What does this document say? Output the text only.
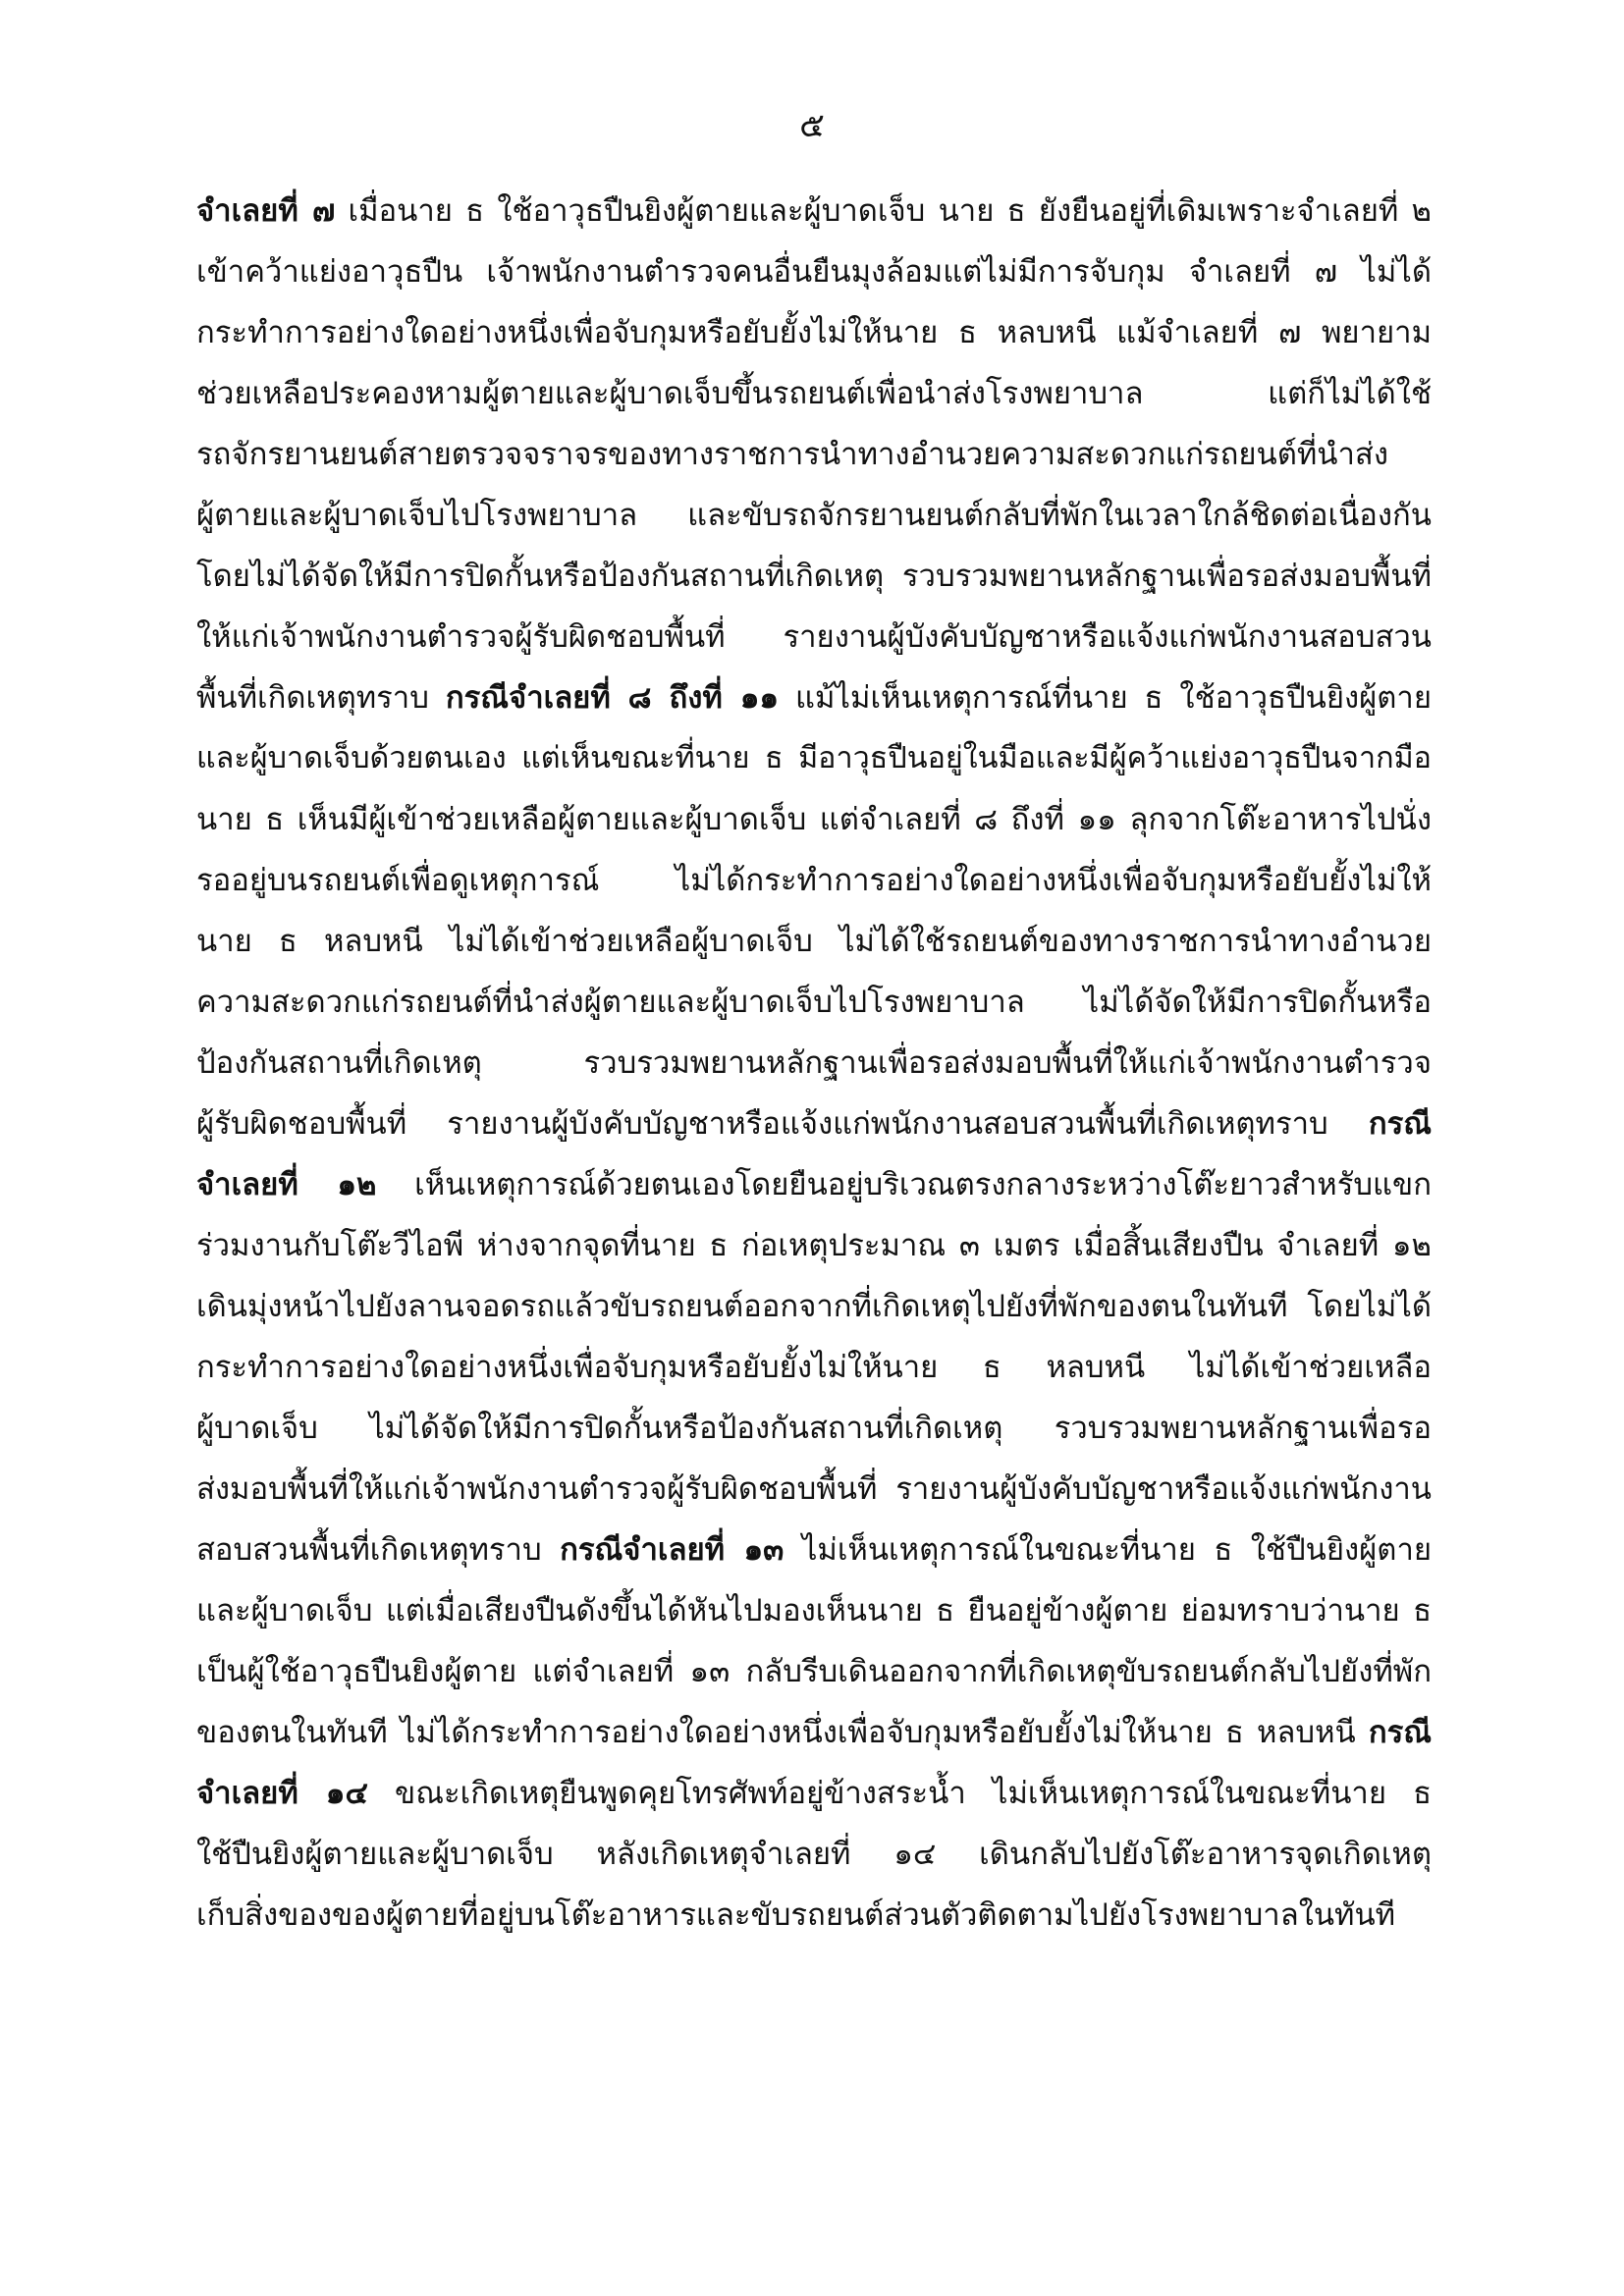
๕
จำเลยที่ ๗ เมื่อนาย ธ ใช้อาวุธปืนยิงผู้ตายและผู้บาดเจ็บ นาย ธ ยังยืนอยู่ที่เดิมเพราะจำเลยที่ ๒
เข้าคว้าแย่งอาวุธปืน เจ้าพนักงานตำรวจคนอื่นยืนมุงล้อมแต่ไม่มีการจับกุม จำเลยที่ ๗ ไม่ได้
กระทำการอย่างใดอย่างหนึ่งเพื่อจับกุมหรือยับยั้งไม่ให้นาย ธ หลบหนี แม้จำเลยที่ ๗ พยายาม
ช่วยเหลือประคองหามผู้ตายและผู้บาดเจ็บขึ้นรถยนต์เพื่อนำส่งโรงพยาบาล แต่ก็ไม่ได้ใช้
รถจักรยานยนต์สายตรวจจราจรของทางราชการนำทางอำนวยความสะดวกแก่รถยนต์ที่นำส่ง
ผู้ตายและผู้บาดเจ็บไปโรงพยาบาล และขับรถจักรยานยนต์กลับที่พักในเวลาใกล้ชิดต่อเนื่องกัน
โดยไม่ได้จัดให้มีการปิดกั้นหรือป้องกันสถานที่เกิดเหตุ รวบรวมพยานหลักฐานเพื่อรอส่งมอบพื้นที่
ให้แก่เจ้าพนักงานตำรวจผู้รับผิดชอบพื้นที่ รายงานผู้บังคับบัญชาหรือแจ้งแก่พนักงานสอบสวน
พื้นที่เกิดเหตุทราบ กรณีจำเลยที่ ๘ ถึงที่ ๑๑ แม้ไม่เห็นเหตุการณ์ที่นาย ธ ใช้อาวุธปืนยิงผู้ตาย
และผู้บาดเจ็บด้วยตนเอง แต่เห็นขณะที่นาย ธ มีอาวุธปืนอยู่ในมือและมีผู้คว้าแย่งอาวุธปืนจากมือ
นาย ธ เห็นมีผู้เข้าช่วยเหลือผู้ตายและผู้บาดเจ็บ แต่จำเลยที่ ๘ ถึงที่ ๑๑ ลุกจากโต๊ะอาหารไปนั่ง
รออยู่บนรถยนต์เพื่อดูเหตุการณ์ ไม่ได้กระทำการอย่างใดอย่างหนึ่งเพื่อจับกุมหรือยับยั้งไม่ให้
นาย ธ หลบหนี ไม่ได้เข้าช่วยเหลือผู้บาดเจ็บ ไม่ได้ใช้รถยนต์ของทางราชการนำทางอำนวย
ความสะดวกแก่รถยนต์ที่นำส่งผู้ตายและผู้บาดเจ็บไปโรงพยาบาล ไม่ได้จัดให้มีการปิดกั้นหรือ
ป้องกันสถานที่เกิดเหตุ รวบรวมพยานหลักฐานเพื่อรอส่งมอบพื้นที่ให้แก่เจ้าพนักงานตำรวจ
ผู้รับผิดชอบพื้นที่ รายงานผู้บังคับบัญชาหรือแจ้งแก่พนักงานสอบสวนพื้นที่เกิดเหตุทราบ กรณี
จำเลยที่ ๑๒ เห็นเหตุการณ์ด้วยตนเองโดยยืนอยู่บริเวณตรงกลางระหว่างโต๊ะยาวสำหรับแขก
ร่วมงานกับโต๊ะวีไอพี ห่างจากจุดที่นาย ธ ก่อเหตุประมาณ ๓ เมตร เมื่อสิ้นเสียงปืน จำเลยที่ ๑๒
เดินมุ่งหน้าไปยังลานจอดรถแล้วขับรถยนต์ออกจากที่เกิดเหตุไปยังที่พักของตนในทันที โดยไม่ได้
กระทำการอย่างใดอย่างหนึ่งเพื่อจับกุมหรือยับยั้งไม่ให้นาย ธ หลบหนี ไม่ได้เข้าช่วยเหลือ
ผู้บาดเจ็บ ไม่ได้จัดให้มีการปิดกั้นหรือป้องกันสถานที่เกิดเหตุ รวบรวมพยานหลักฐานเพื่อรอ
ส่งมอบพื้นที่ให้แก่เจ้าพนักงานตำรวจผู้รับผิดชอบพื้นที่ รายงานผู้บังคับบัญชาหรือแจ้งแก่พนักงาน
สอบสวนพื้นที่เกิดเหตุทราบ กรณีจำเลยที่ ๑๓ ไม่เห็นเหตุการณ์ในขณะที่นาย ธ ใช้ปืนยิงผู้ตาย
และผู้บาดเจ็บ แต่เมื่อเสียงปืนดังขึ้นได้หันไปมองเห็นนาย ธ ยืนอยู่ข้างผู้ตาย ย่อมทราบว่านาย ธ
เป็นผู้ใช้อาวุธปืนยิงผู้ตาย แต่จำเลยที่ ๑๓ กลับรีบเดินออกจากที่เกิดเหตุขับรถยนต์กลับไปยังที่พัก
ของตนในทันที ไม่ได้กระทำการอย่างใดอย่างหนึ่งเพื่อจับกุมหรือยับยั้งไม่ให้นาย ธ หลบหนี กรณี
จำเลยที่ ๑๔ ขณะเกิดเหตุยืนพูดคุยโทรศัพท์อยู่ข้างสระน้ำ ไม่เห็นเหตุการณ์ในขณะที่นาย ธ
ใช้ปืนยิงผู้ตายและผู้บาดเจ็บ หลังเกิดเหตุจำเลยที่ ๑๔ เดินกลับไปยังโต๊ะอาหารจุดเกิดเหตุ
เก็บสิ่งของของผู้ตายที่อยู่บนโต๊ะอาหารและขับรถยนต์ส่วนตัวติดตามไปยังโรงพยาบาลในทันที
